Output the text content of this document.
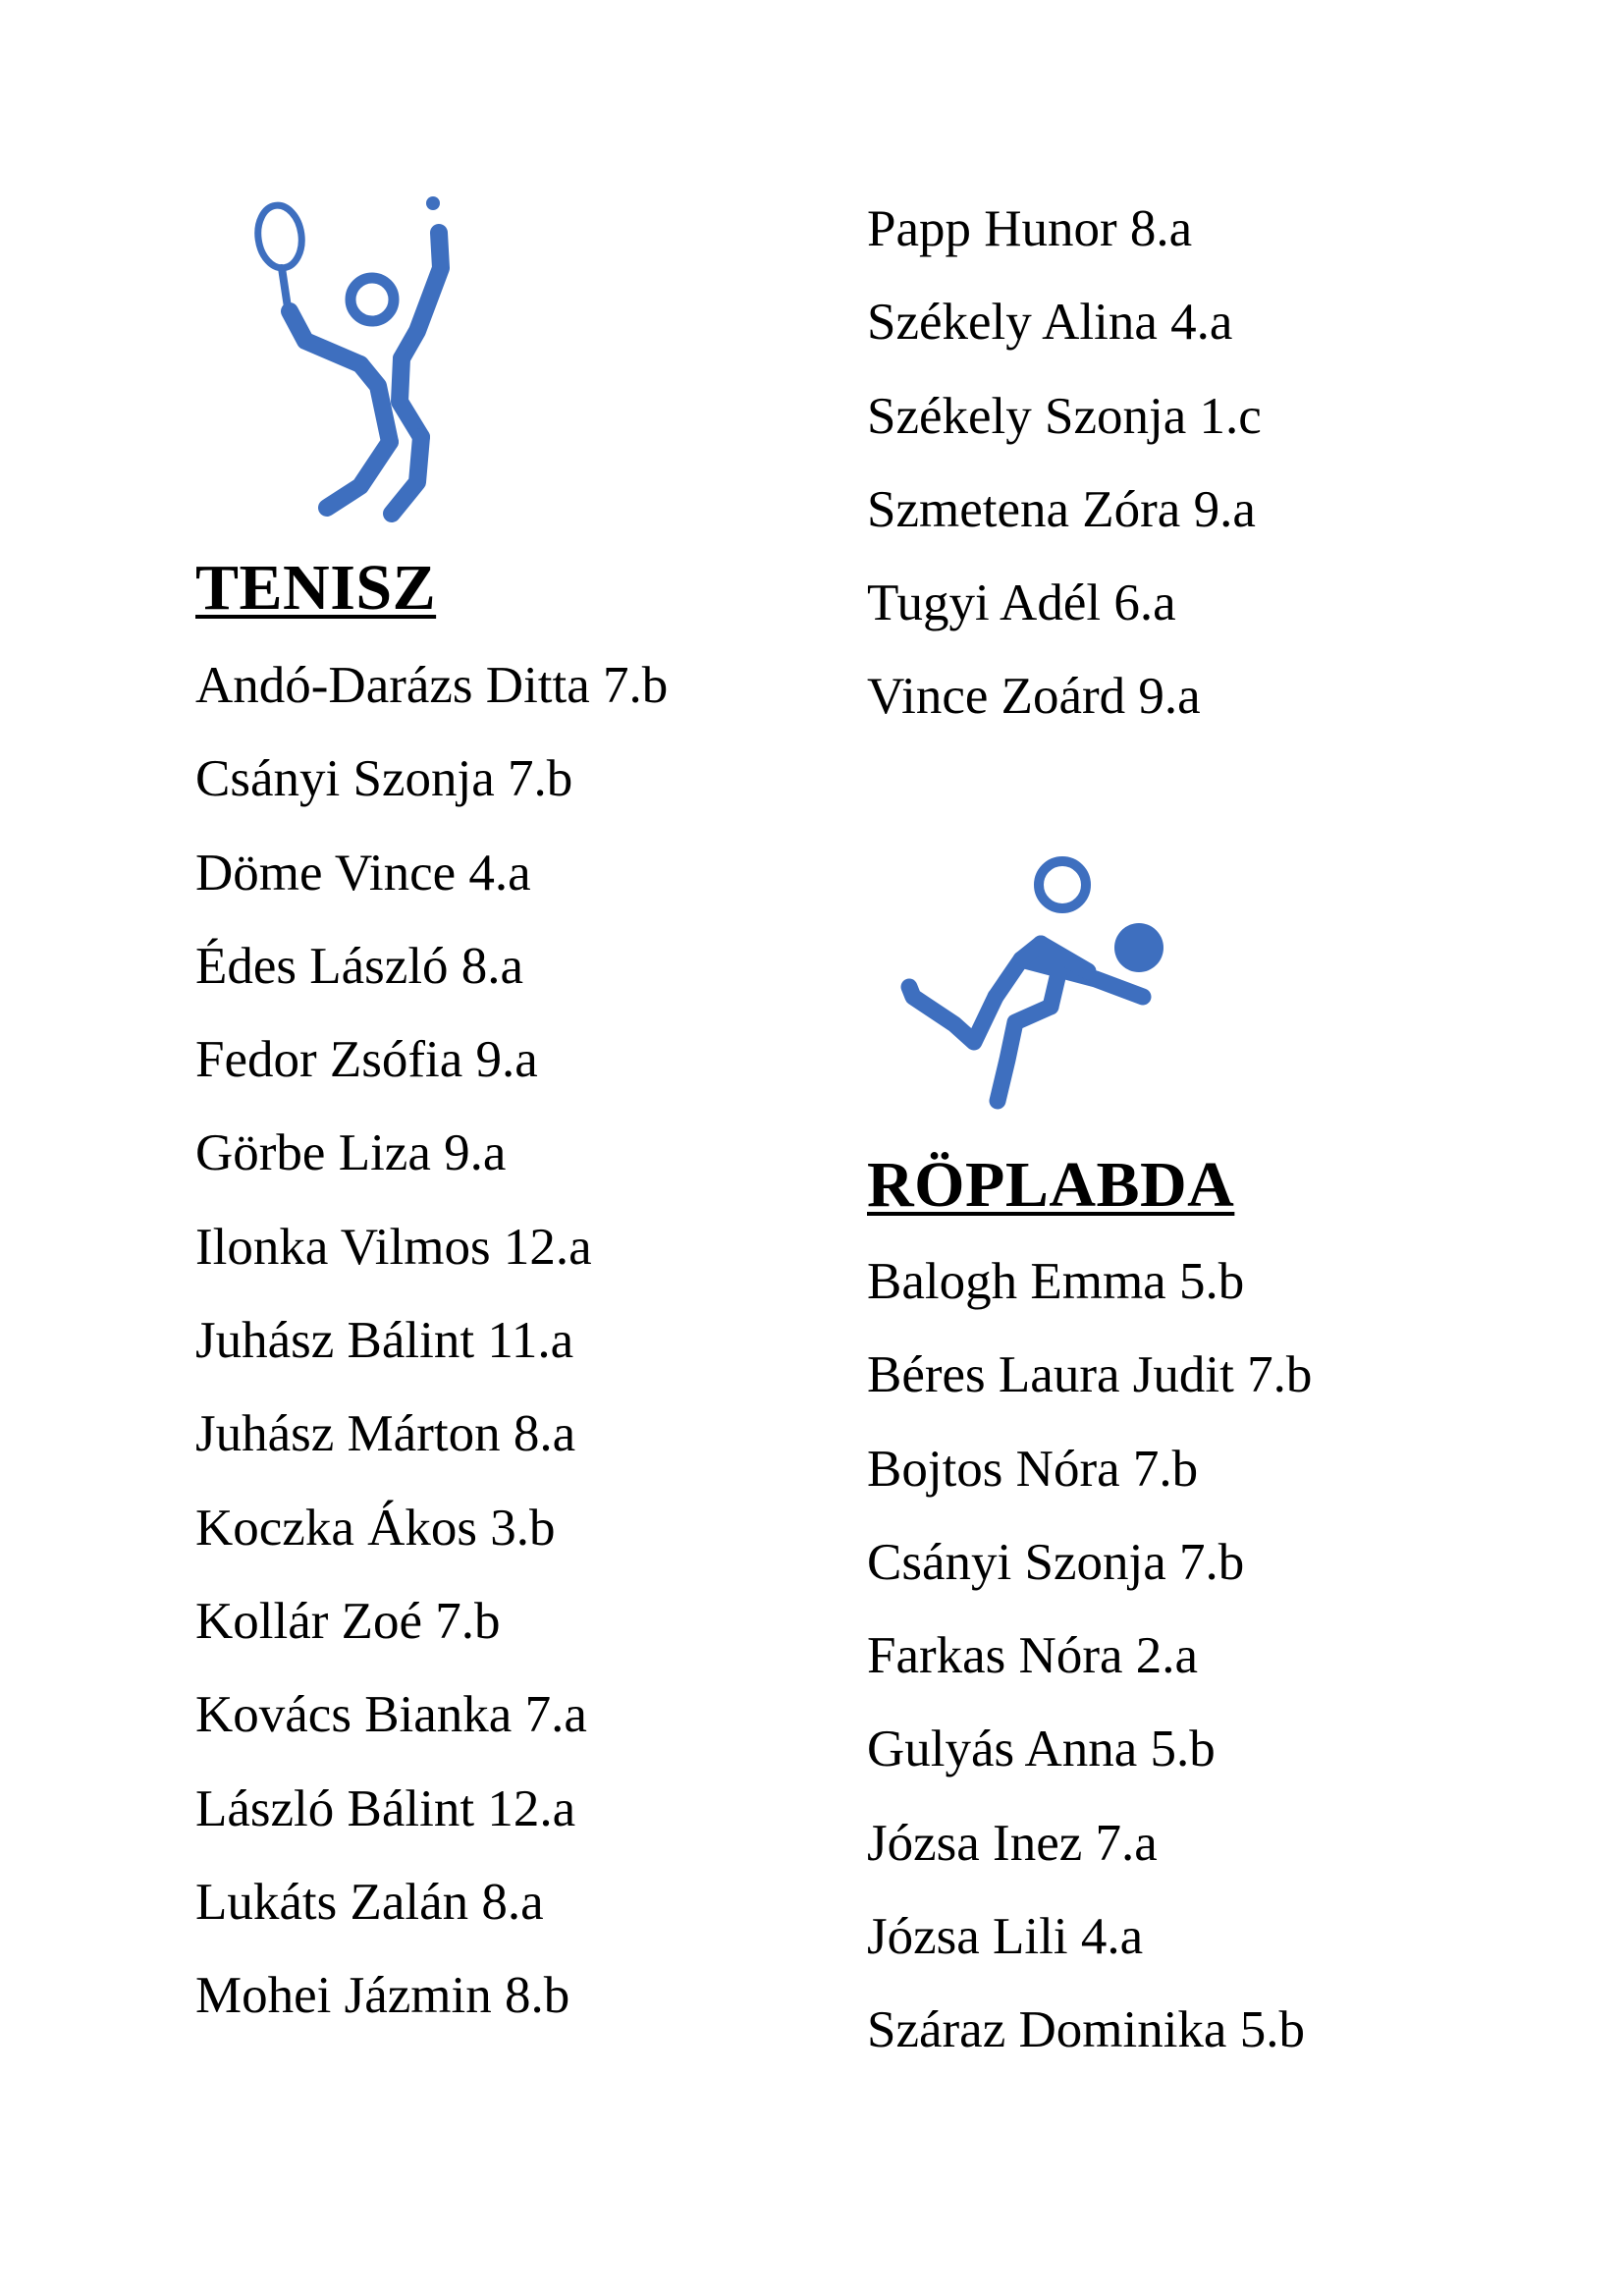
TENISZ
Andó-Darázs Ditta 7.b
Csányi Szonja 7.b
Döme Vince 4.a
Édes László 8.a
Fedor Zsófia 9.a
Görbe Liza 9.a
Ilonka Vilmos 12.a
Juhász Bálint 11.a
Juhász Márton 8.a
Koczka Ákos 3.b
Kollár Zoé 7.b
Kovács Bianka 7.a
László Bálint 12.a
Lukáts Zalán 8.a
Mohei Jázmin 8.b
Papp Hunor 8.a
Székely Alina 4.a
Székely Szonja 1.c
Szmetena Zóra 9.a
Tugyi Adél 6.a
Vince Zoárd 9.a
RÖPLABDA
Balogh Emma 5.b
Béres Laura Judit 7.b
Bojtos Nóra 7.b
Csányi Szonja 7.b
Farkas Nóra 2.a
Gulyás Anna 5.b
Józsa Inez 7.a
Józsa Lili 4.a
Száraz Dominika 5.b
